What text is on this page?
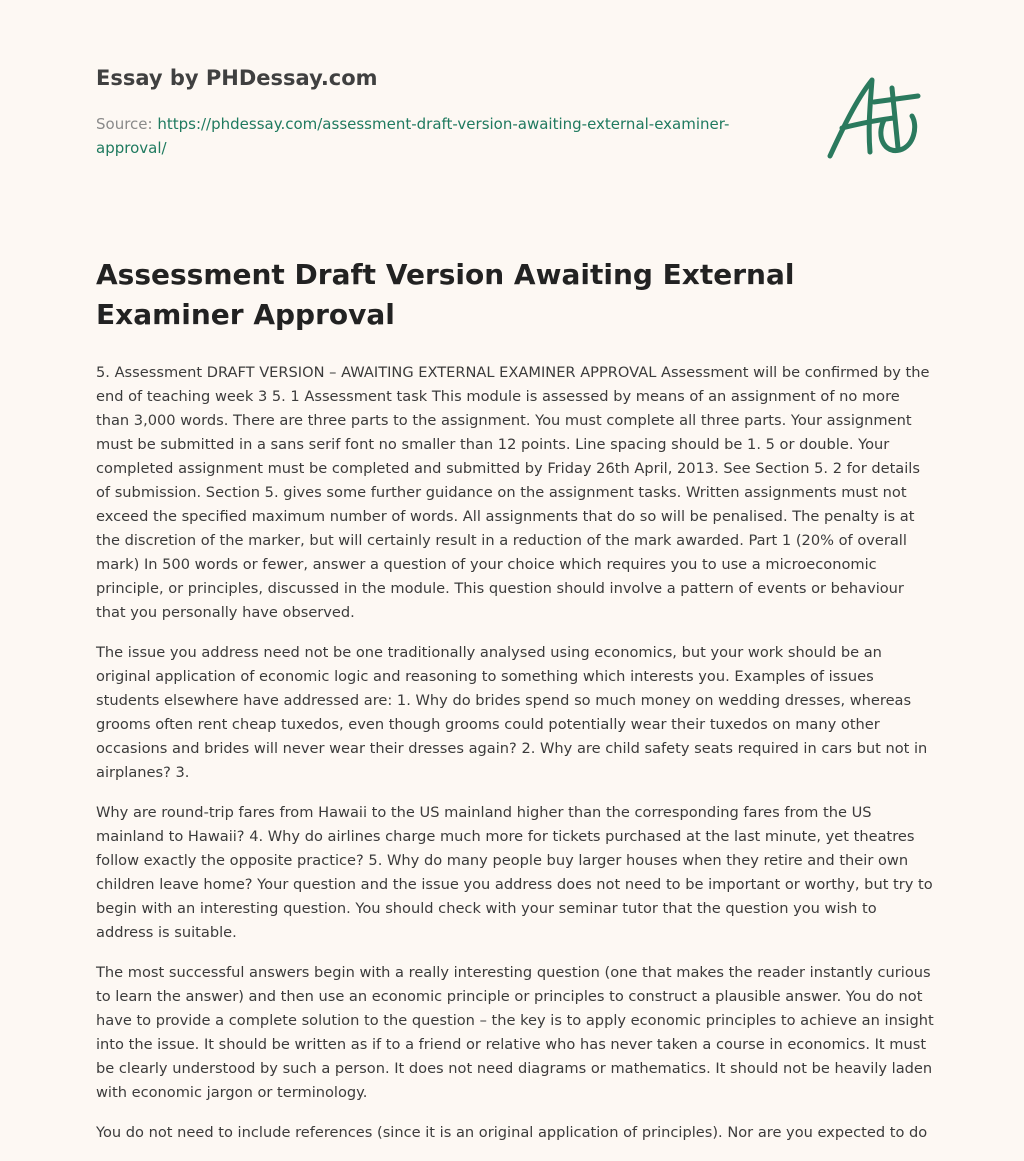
Essay by PHDessay.com
Source: https://phdessay.com/assessment-draft-version-awaiting-external-examiner-approval/
Assessment Draft Version Awaiting External Examiner Approval

5. Assessment DRAFT VERSION – AWAITING EXTERNAL EXAMINER APPROVAL Assessment will be confirmed by the end of teaching week 3 5. 1 Assessment task This module is assessed by means of an assignment of no more than 3,000 words. There are three parts to the assignment. You must complete all three parts. Your assignment must be submitted in a sans serif font no smaller than 12 points. Line spacing should be 1. 5 or double. Your completed assignment must be completed and submitted by Friday 26th April, 2013. See Section 5. 2 for details of submission. Section 5. gives some further guidance on the assignment tasks. Written assignments must not exceed the specified maximum number of words. All assignments that do so will be penalised. The penalty is at the discretion of the marker, but will certainly result in a reduction of the mark awarded. Part 1 (20% of overall mark) In 500 words or fewer, answer a question of your choice which requires you to use a microeconomic principle, or principles, discussed in the module. This question should involve a pattern of events or behaviour that you personally have observed.

The issue you address need not be one traditionally analysed using economics, but your work should be an original application of economic logic and reasoning to something which interests you. Examples of issues students elsewhere have addressed are: 1. Why do brides spend so much money on wedding dresses, whereas grooms often rent cheap tuxedos, even though grooms could potentially wear their tuxedos on many other occasions and brides will never wear their dresses again? 2. Why are child safety seats required in cars but not in airplanes? 3.

Why are round-trip fares from Hawaii to the US mainland higher than the corresponding fares from the US mainland to Hawaii? 4. Why do airlines charge much more for tickets purchased at the last minute, yet theatres follow exactly the opposite practice? 5. Why do many people buy larger houses when they retire and their own children leave home? Your question and the issue you address does not need to be important or worthy, but try to begin with an interesting question. You should check with your seminar tutor that the question you wish to address is suitable.

The most successful answers begin with a really interesting question (one that makes the reader instantly curious to learn the answer) and then use an economic principle or principles to construct a plausible answer. You do not have to provide a complete solution to the question – the key is to apply economic principles to achieve an insight into the issue. It should be written as if to a friend or relative who has never taken a course in economics. It must be clearly understood by such a person. It does not need diagrams or mathematics. It should not be heavily laden with economic jargon or terminology.

You do not need to include references (since it is an original application of principles). Nor are you expected to do
